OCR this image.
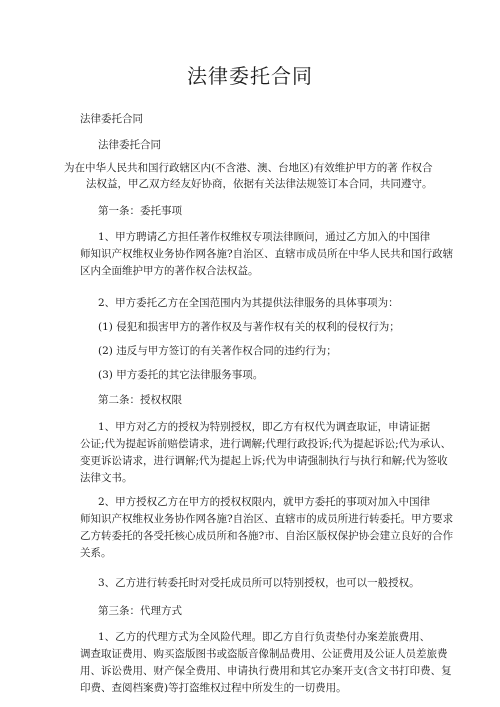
法律委托合同

法律委托合同

法律委托合同

为在中华人民共和国行政辖区内(不含港、澳、台地区)有效维护甲方的著 作权合

法权益，甲乙双方经友好协商，依据有关法律法规签订本合同，共同遵守。

第一条：委托事项

1、甲方聘请乙方担任著作权维权专项法律顾问，通过乙方加入的中国律

师知识产权维权业务协作网各施?自治区、直辖市成员所在中华人民共和国行政辖

区内全面维护甲方的著作权合法权益。

2、甲方委托乙方在全国范围内为其提供法律服务的具体事项为：

(1) 侵犯和损害甲方的著作权及与著作权有关的权利的侵权行为；

(2) 违反与甲方签订的有关著作权合同的违约行为；

(3) 甲方委托的其它法律服务事项。

第二条：授权权限

1、甲方对乙方的授权为特别授权，即乙方有权代为调查取证，申请证据

公证;代为提起诉前赔偿请求，进行调解;代理行政投诉;代为提起诉讼;代为承认、

变更诉讼请求，进行调解;代为提起上诉;代为申请强制执行与执行和解;代为签收

法律文书。

2、甲方授权乙方在甲方的授权权限内，就甲方委托的事项对加入中国律

师知识产权维权业务协作网各施?自治区、直辖市的成员所进行转委托。甲方要求

乙方转委托的各受托核心成员所和各施?市、自治区版权保护协会建立良好的合作

关系。

3、乙方进行转委托时对受托成员所可以特别授权，也可以一般授权。

第三条：代理方式

1、乙方的代理方式为全风险代理。即乙方自行负责垫付办案差旅费用、

调查取证费用、购买盗版图书或盗版音像制品费用、公证费用及公证人员差旅费

用、诉讼费用、财产保全费用、申请执行费用和其它办案开支(含文书打印费、复

印费、查阅档案费)等打盗维权过程中所发生的一切费用。
